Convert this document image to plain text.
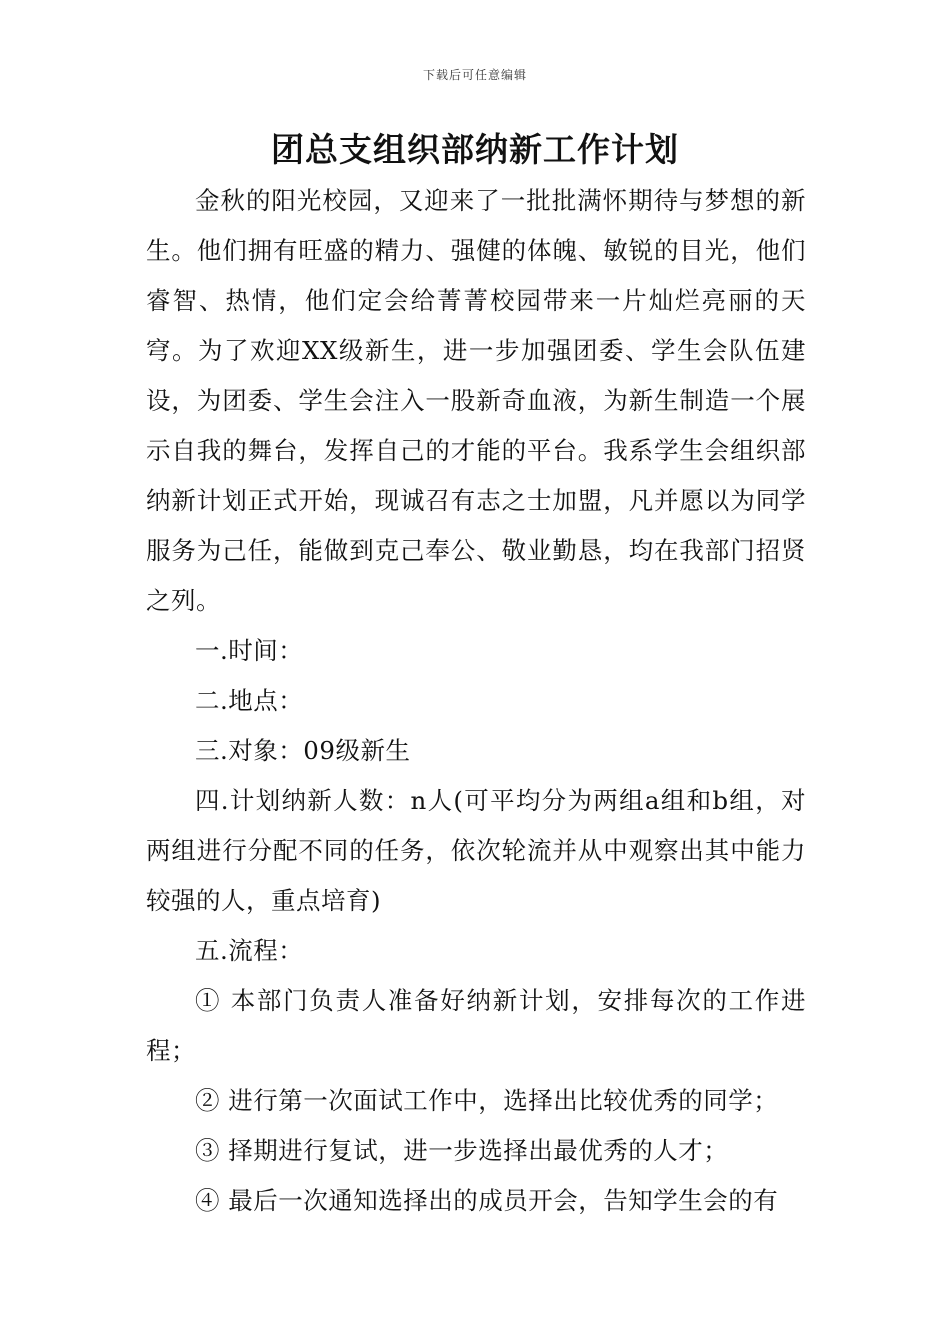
下载后可任意编辑
团总支组织部纳新工作计划

金秋的阳光校园，又迎来了一批批满怀期待与梦想的新生。他们拥有旺盛的精力、强健的体魄、敏锐的目光，他们睿智、热情，他们定会给菁菁校园带来一片灿烂亮丽的天穹。为了欢迎XX级新生，进一步加强团委、学生会队伍建设，为团委、学生会注入一股新奇血液，为新生制造一个展示自我的舞台，发挥自己的才能的平台。我系学生会组织部纳新计划正式开始，现诚召有志之士加盟，凡并愿以为同学服务为己任，能做到克己奉公、敬业勤恳，均在我部门招贤之列。

一.时间：

二.地点：

三.对象：09级新生

四.计划纳新人数：n人(可平均分为两组a组和b组，对两组进行分配不同的任务，依次轮流并从中观察出其中能力较强的人，重点培育)

五.流程：

① 本部门负责人准备好纳新计划，安排每次的工作进程；

② 进行第一次面试工作中，选择出比较优秀的同学；

③ 择期进行复试，进一步选择出最优秀的人才；

④ 最后一次通知选择出的成员开会，告知学生会的有
